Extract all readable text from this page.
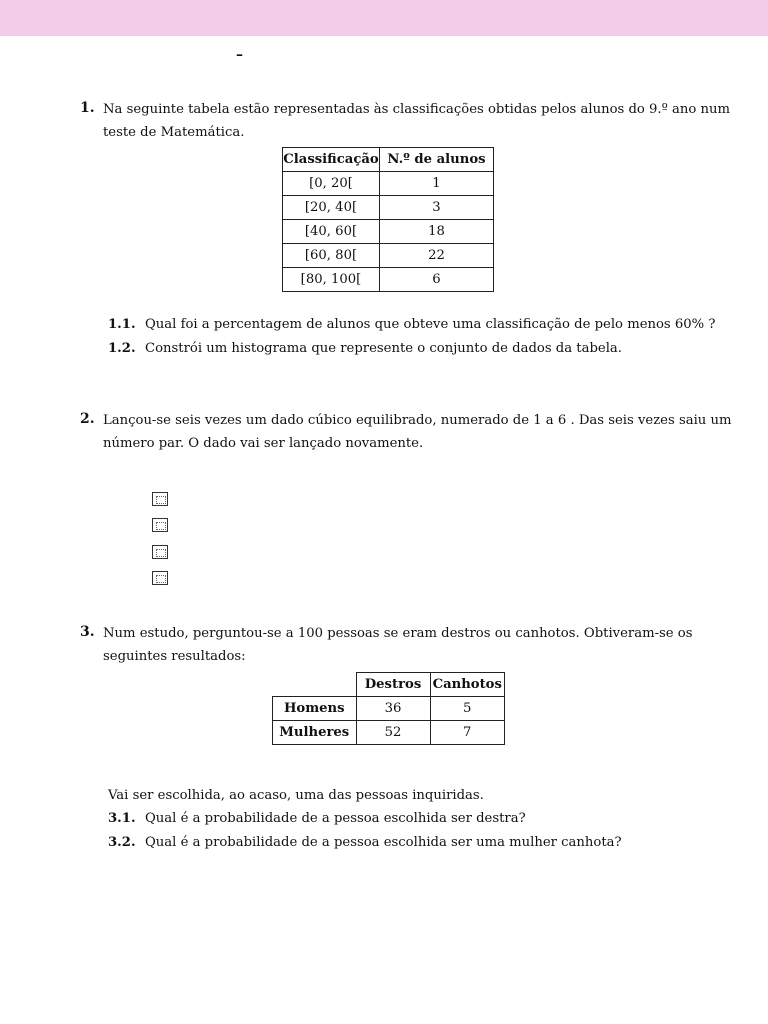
–
1. Na seguinte tabela estão representadas às classificações obtidas pelos alunos do 9.º ano num
teste de Matemática.
Classificação	N.º de alunos
[0, 20[	1
[20, 40[	3
[40, 60[	18
[60, 80[	22
[80, 100[	6
1.1. Qual foi a percentagem de alunos que obteve uma classificação de pelo menos 60% ?
1.2. Constrói um histograma que represente o conjunto de dados da tabela.
2. Lançou-se seis vezes um dado cúbico equilibrado, numerado de 1 a 6 . Das seis vezes saiu um
número par. O dado vai ser lançado novamente.
3. Num estudo, perguntou-se a 100 pessoas se eram destros ou canhotos. Obtiveram-se os
seguintes resultados:
	Destros	Canhotos
Homens	36	5
Mulheres	52	7
Vai ser escolhida, ao acaso, uma das pessoas inquiridas.
3.1. Qual é a probabilidade de a pessoa escolhida ser destra?
3.2. Qual é a probabilidade de a pessoa escolhida ser uma mulher canhota?
